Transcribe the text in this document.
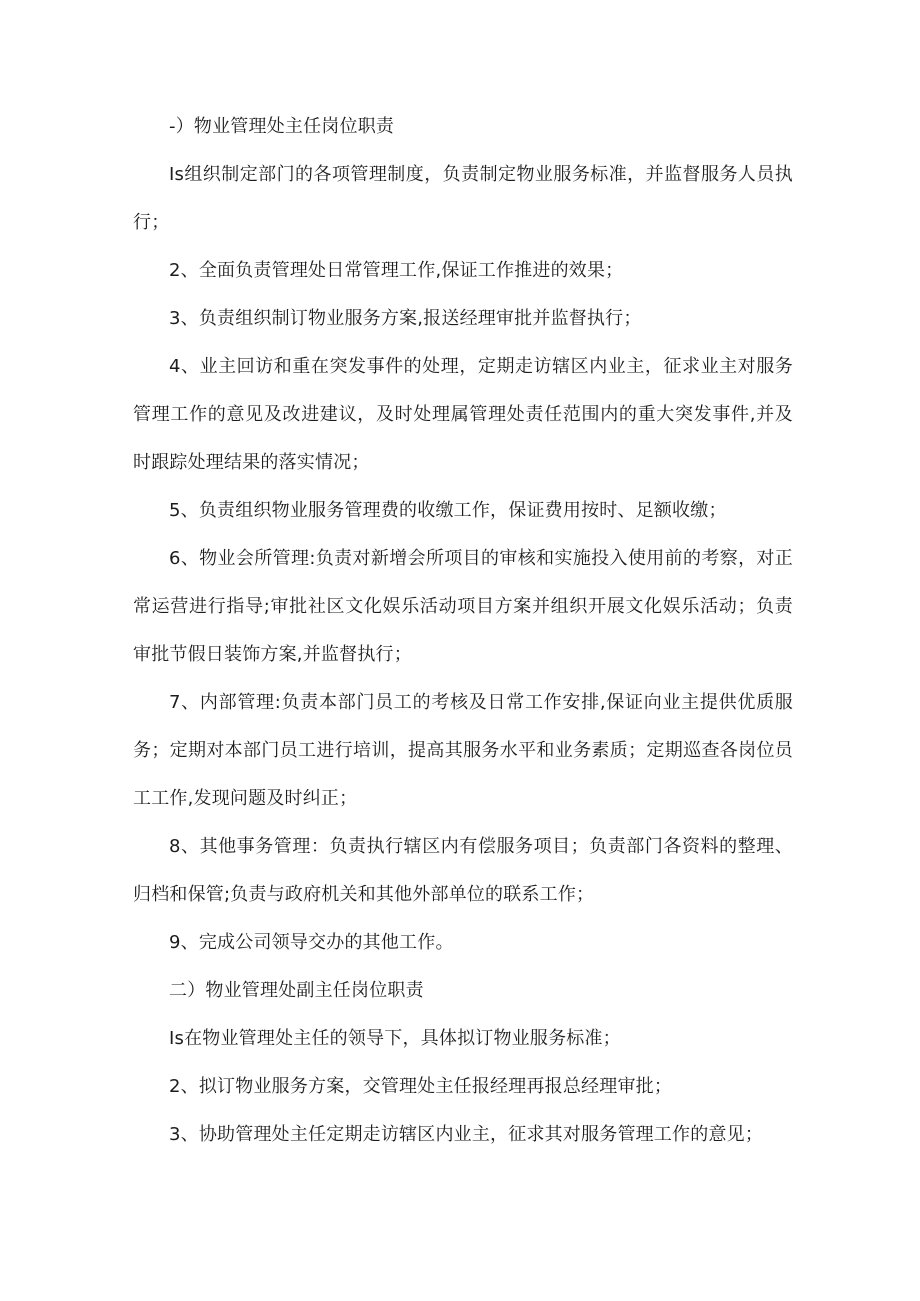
-）物业管理处主任岗位职责

Is组织制定部门的各项管理制度，负责制定物业服务标准，并监督服务人员执行；

2、全面负责管理处日常管理工作,保证工作推进的效果；

3、负责组织制订物业服务方案,报送经理审批并监督执行；

4、业主回访和重在突发事件的处理，定期走访辖区内业主，征求业主对服务管理工作的意见及改进建议，及时处理属管理处责任范围内的重大突发事件,并及时跟踪处理结果的落实情况；

5、负责组织物业服务管理费的收缴工作，保证费用按时、足额收缴；

6、物业会所管理:负责对新增会所项目的审核和实施投入使用前的考察，对正常运营进行指导;审批社区文化娱乐活动项目方案并组织开展文化娱乐活动；负责审批节假日装饰方案,并监督执行；

7、内部管理:负责本部门员工的考核及日常工作安排,保证向业主提供优质服务；定期对本部门员工进行培训，提高其服务水平和业务素质；定期巡查各岗位员工工作,发现问题及时纠正；

8、其他事务管理：负责执行辖区内有偿服务项目；负责部门各资料的整理、归档和保管;负责与政府机关和其他外部单位的联系工作；

9、完成公司领导交办的其他工作。

二）物业管理处副主任岗位职责

Is在物业管理处主任的领导下，具体拟订物业服务标准；

2、拟订物业服务方案，交管理处主任报经理再报总经理审批；

3、协助管理处主任定期走访辖区内业主，征求其对服务管理工作的意见；
